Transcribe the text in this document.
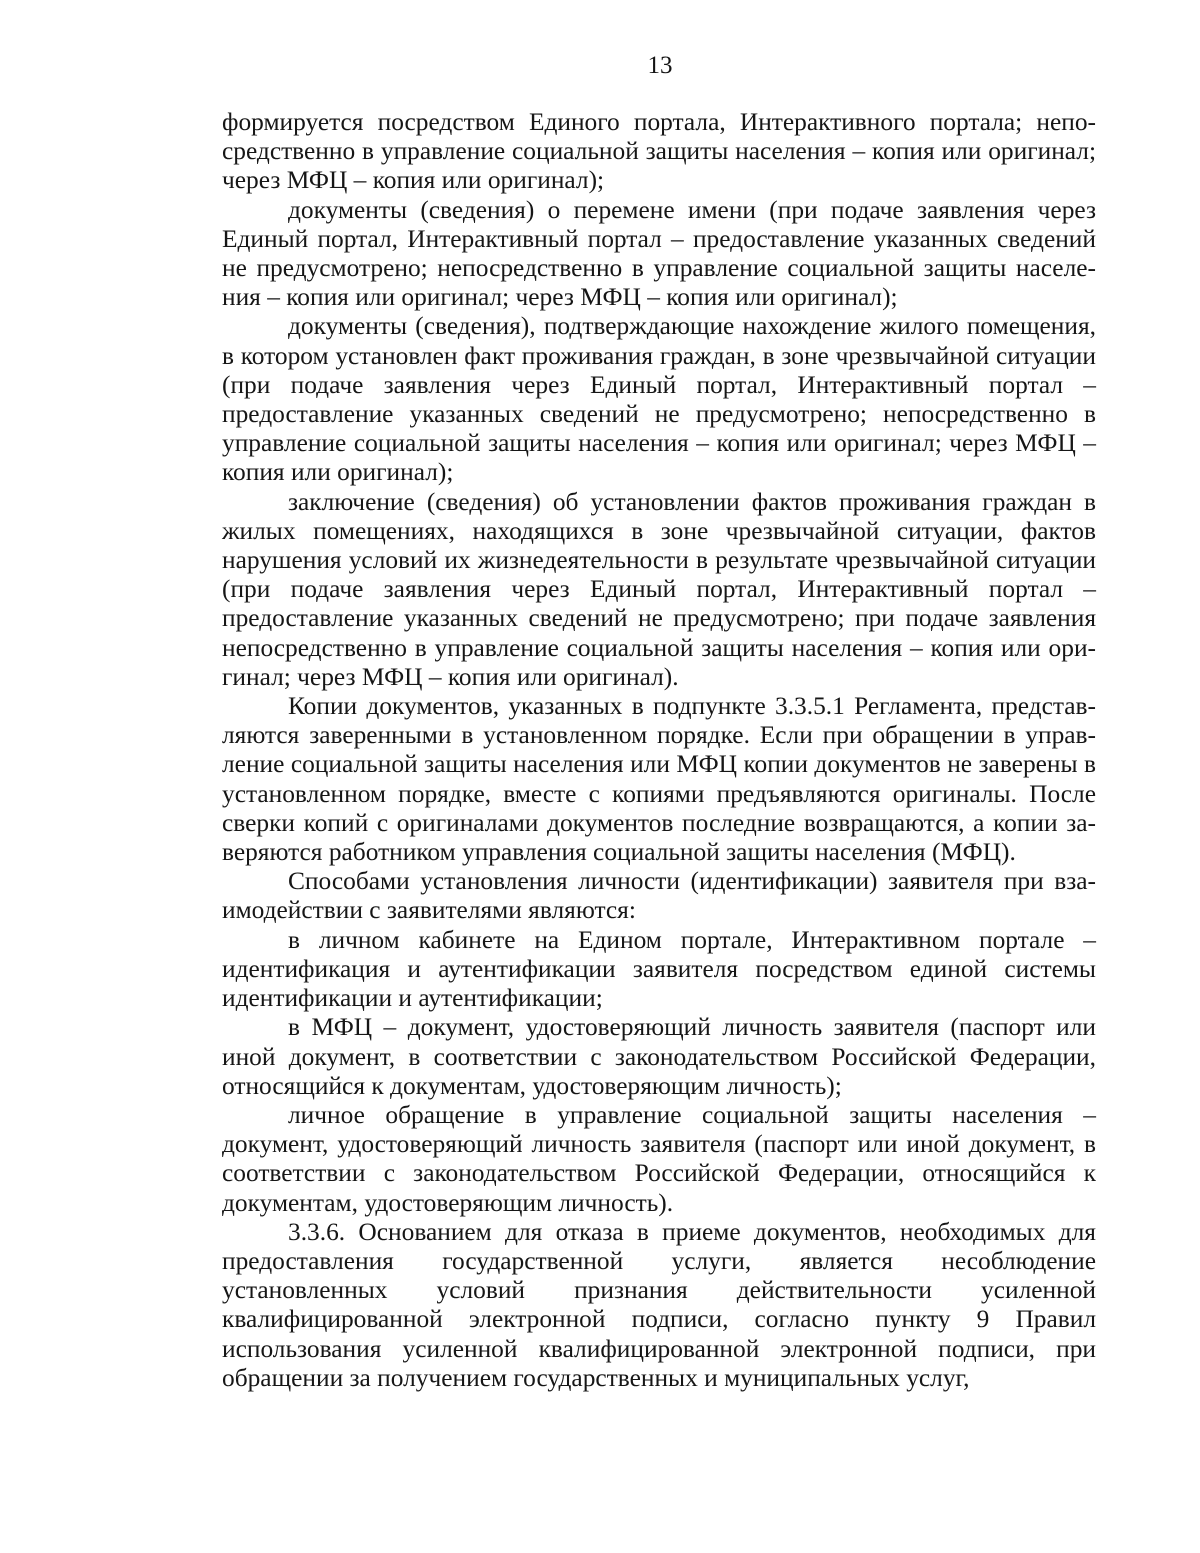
13

формируется посредством Единого портала, Интерактивного портала; непосредственно в управление социальной защиты населения – копия или оригинал; через МФЦ – копия или оригинал);

документы (сведения) о перемене имени (при подаче заявления через Единый портал, Интерактивный портал – предоставление указанных сведений не предусмотрено; непосредственно в управление социальной защиты населения – копия или оригинал; через МФЦ – копия или оригинал);

документы (сведения), подтверждающие нахождение жилого помещения, в котором установлен факт проживания граждан, в зоне чрезвычайной ситуации (при подаче заявления через Единый портал, Интерактивный портал – предоставление указанных сведений не предусмотрено; непосредственно в управление социальной защиты населения – копия или оригинал; через МФЦ – копия или оригинал);

заключение (сведения) об установлении фактов проживания граждан в жилых помещениях, находящихся в зоне чрезвычайной ситуации, фактов нарушения условий их жизнедеятельности в результате чрезвычайной ситуации (при подаче заявления через Единый портал, Интерактивный портал – предоставление указанных сведений не предусмотрено; при подаче заявления непосредственно в управление социальной защиты населения – копия или оригинал; через МФЦ – копия или оригинал).

Копии документов, указанных в подпункте 3.3.5.1 Регламента, представляются заверенными в установленном порядке. Если при обращении в управление социальной защиты населения или МФЦ копии документов не заверены в установленном порядке, вместе с копиями предъявляются оригиналы. После сверки копий с оригиналами документов последние возвращаются, а копии заверяются работником управления социальной защиты населения (МФЦ).

Способами установления личности (идентификации) заявителя при взаимодействии с заявителями являются:

в личном кабинете на Едином портале, Интерактивном портале – идентификация и аутентификации заявителя посредством единой системы идентификации и аутентификации;

в МФЦ – документ, удостоверяющий личность заявителя (паспорт или иной документ, в соответствии с законодательством Российской Федерации, относящийся к документам, удостоверяющим личность);

личное обращение в управление социальной защиты населения – документ, удостоверяющий личность заявителя (паспорт или иной документ, в соответствии с законодательством Российской Федерации, относящийся к документам, удостоверяющим личность).

3.3.6. Основанием для отказа в приеме документов, необходимых для предоставления государственной услуги, является несоблюдение установленных условий признания действительности усиленной квалифицированной электронной подписи, согласно пункту 9 Правил использования усиленной квалифицированной электронной подписи, при обращении за получением государственных и муниципальных услуг,
